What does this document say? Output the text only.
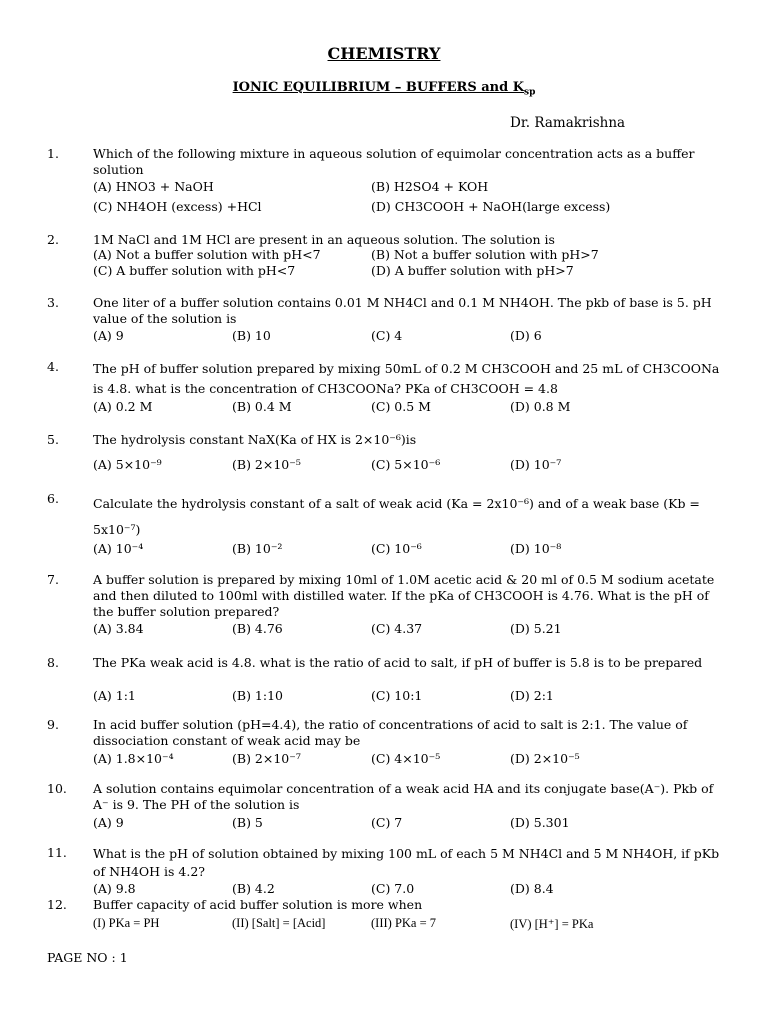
CHEMISTRY
IONIC EQUILIBRIUM – BUFFERS and $K_{sp}$
Dr. Ramakrishna
1.	Which of the following mixture in aqueous solution of equimolar concentration acts as a buffer solution
(A) HNO3 + NaOH	(B) H2SO4 + KOH
(C) NH4OH (excess) +HCl	(D) CH3COOH + NaOH(large excess)
2.	1M NaCl and 1M HCl are present in an aqueous solution. The solution is
(A) Not a buffer solution with pH<7	(B) Not a buffer solution with pH>7
(C) A buffer solution with pH<7	(D) A buffer solution with pH>7
3.	One liter of a buffer solution contains 0.01 M NH4Cl and 0.1 M NH4OH. The pkb of base is 5. pH value of the solution is
(A) 9	(B) 10	(C) 4	(D) 6
4.	The pH of buffer solution prepared by mixing 50mL of 0.2 M CH3COOH and 25 mL of CH3COONa is 4.8. what is the concentration of CH3COONa? PKa of CH3COOH = 4.8
(A) 0.2 M	(B) 0.4 M	(C) 0.5 M	(D) 0.8 M
5.	The hydrolysis constant NaX(Ka of HX is 2×10⁻⁶)is
(A) 5×10⁻⁹	(B) 2×10⁻⁵	(C) 5×10⁻⁶	(D) 10⁻⁷
6.	Calculate the hydrolysis constant of a salt of weak acid (Ka = 2x10⁻⁶) and of a weak base (Kb = 5x10⁻⁷)
(A) 10⁻⁴	(B) 10⁻²	(C) 10⁻⁶	(D) 10⁻⁸
7.	A buffer solution is prepared by mixing 10ml of 1.0M acetic acid & 20 ml of 0.5 M sodium acetate and then diluted to 100ml with distilled water. If the pKa of CH3COOH is 4.76. What is the pH of the buffer solution prepared?
(A) 3.84	(B) 4.76	(C) 4.37	(D) 5.21
8.	The PKa weak acid is 4.8. what is the ratio of acid to salt, if pH of buffer is 5.8 is to be prepared
(A) 1:1	(B) 1:10	(C) 10:1	(D) 2:1
9.	In acid buffer solution (pH=4.4), the ratio of concentrations of acid to salt is 2:1. The value of dissociation constant of weak acid may be
(A) 1.8×10⁻⁴	(B) 2×10⁻⁷	(C) 4×10⁻⁵	(D) 2×10⁻⁵
10. A solution contains equimolar concentration of a weak acid HA and its conjugate base(A⁻). Pkb of A⁻ is 9. The PH of the solution is
(A) 9	(B) 5	(C) 7	(D) 5.301
11. What is the pH of solution obtained by mixing 100 mL of each 5 M NH4Cl and 5 M NH4OH, if pKb of NH4OH is 4.2?
(A) 9.8	(B) 4.2	(C) 7.0	(D) 8.4
12. Buffer capacity of acid buffer solution is more when
(I) PKa = PH	(II) [Salt] = [Acid]	(III) PKa = 7	(IV) [H⁺] = PKa
PAGE NO : 1
